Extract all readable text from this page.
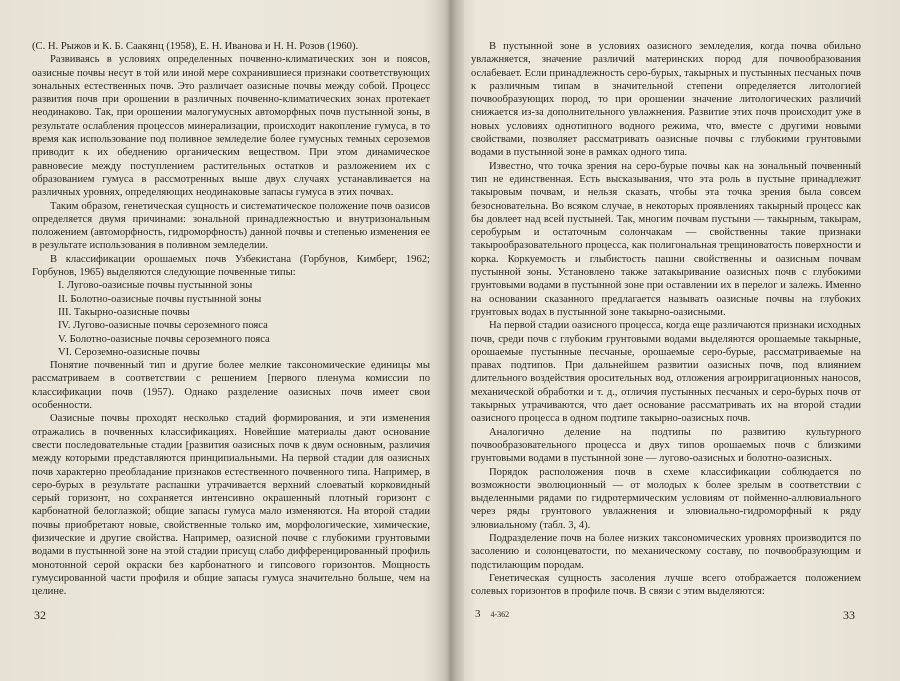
(С. Н. Рыжов и К. Б. Саакянц (1958), Е. Н. Иванова и Н. Н. Розов (1960).

Развиваясь в условиях определенных почвенно-климатических зон и поясов, оазисные почвы несут в той или иной мере сохранившиеся признаки соответствующих зональных естественных почв. Это различает оазисные почвы между собой. Процесс развития почв при орошении в различных почвенно-климатических зонах протекает неодинаково. Так, при орошении малогумусных автоморфных почв пустынной зоны, в результате ослабления процессов минерализации, происходит накопление гумуса, в то время как использование под поливное земледелие более гумусных темных сероземов приводит к их обеднению органическим веществом. При этом динамическое равновесие между поступлением растительных остатков и разложением их с образованием гумуса в рассмотренных выше двух случаях устанавливается на различных уровнях, определяющих неодинаковые запасы гумуса в этих почвах.

Таким образом, генетическая сущность и систематическое положение почв оазисов определяется двумя причинами: зональной принадлежностью и внутризональным положением (автоморфность, гидроморфность) данной почвы и степенью изменения ее в результате использования в поливном земледелии.

В классификации орошаемых почв Узбекистана (Горбунов, Кимберг, 1962; Горбунов, 1965) выделяются следующие почвенные типы:

I. Лугово-оазисные почвы пустынной зоны
II. Болотно-оазисные почвы пустынной зоны
III. Такырно-оазисные почвы
IV. Лугово-оазисные почвы сероземного пояса
V. Болотно-оазисные почвы сероземного пояса
VI. Сероземно-оазисные почвы

Понятие почвенный тип и другие более мелкие таксономические единицы мы рассматриваем в соответствии с решением [первого пленума комиссии по классификации почв (1957). Однако разделение оазисных почв имеет свои особенности.

Оазисные почвы проходят несколько стадий формирования, и эти изменения отражались в почвенных классификациях. Новейшие материалы дают основание свести последовательные стадии [развития оазисных почв к двум основным, различия между которыми представляются принципиальными. На первой стадии для оазисных почв характерно преобладание признаков естественного почвенного типа. Например, в серо-бурых в результате распашки утрачивается верхний слоеватый корковидный серый горизонт, но сохраняется интенсивно окрашенный плотный горизонт с карбонатной белоглазкой; общие запасы гумуса мало изменяются. На второй стадии почвы приобретают новые, свойственные только им, морфологические, химические, физические и другие свойства. Например, оазисной почве с глубокими грунтовыми водами в пустынной зоне на этой стадии присущ слабо дифференцированный профиль монотонной серой окраски без карбонатного и гипсового горизонтов. Мощность гумусированной части профиля и общие запасы гумуса значительно больше, чем на целине.

32

В пустынной зоне в условиях оазисного земледелия, когда почва обильно увлажняется, значение различий материнских пород для почвообразования ослабевает. Если принадлежность серо-бурых, такырных и пустынных песчаных почв к различным типам в значительной степени определяется литологией почвообразующих пород, то при орошении значение литологических различий снижается из-за дополнительного увлажнения. Развитие этих почв происходит уже в новых условиях однотипного водного режима, что, вместе с другими новыми свойствами, позволяет рассматривать оазисные почвы с глубокими грунтовыми водами в пустынной зоне в рамках одного типа.

Известно, что точка зрения на серо-бурые почвы как на зональный почвенный тип не единственная. Есть высказывания, что эта роль в пустыне принадлежит такыровым почвам, и нельзя сказать, чтобы эта точка зрения была совсем безосновательна. Во всяком случае, в некоторых проявлениях такырный процесс как бы довлеет над всей пустыней. Так, многим почвам пустыни — такырным, такырам, серобурым и остаточным солончакам — свойственны такие признаки такырообразовательного процесса, как полигональная трещиноватость поверхности и корка. Коркуемость и глыбистость пашни свойственны и оазисным почвам пустынной зоны. Установлено также затакыривание оазисных почв с глубокими грунтовыми водами в пустынной зоне при оставлении их в перелог и залежь. Именно на основании сказанного предлагается называть оазисные почвы на глубоких грунтовых водах в пустынной зоне такырно-оазисными.

На первой стадии оазисного процесса, когда еще различаются признаки исходных почв, среди почв с глубоким грунтовыми водами выделяются орошаемые такырные, орошаемые пустынные песчаные, орошаемые серо-бурые, рассматриваемые на правах подтипов. При дальнейшем развитии оазисных почв, под влиянием длительного воздействия оросительных вод, отложения агроирригационных наносов, механической обработки и т. д., отличия пустынных песчаных и серо-бурых почв от такырных утрачиваются, что дает основание рассматривать их на второй стадии оазисного процесса в одном подтипе такырно-оазисных почв.

Аналогично деление на подтипы по развитию культурного почвообразовательного процесса и двух типов орошаемых почв с близкими грунтовыми водами в пустынной зоне — лугово-оазисных и болотно-оазисных.

Порядок расположения почв в схеме классификации соблюдается по возможности эволюционный — от молодых к более зрелым в соответствии с выделенными рядами по гидротермическим условиям от пойменно-аллювиального через ряды грунтового увлажнения и элювиально-гидроморфный к ряду элювиальному (табл. 3, 4).

Подразделение почв на более низких таксономических уровнях производится по засолению и солонцеватости, по механическому составу, по почвообразующим и подстилающим породам.

Генетическая сущность засоления лучше всего отображается положением солевых горизонтов в профиле почв. В связи с этим выделяются:

3 4-362	33
